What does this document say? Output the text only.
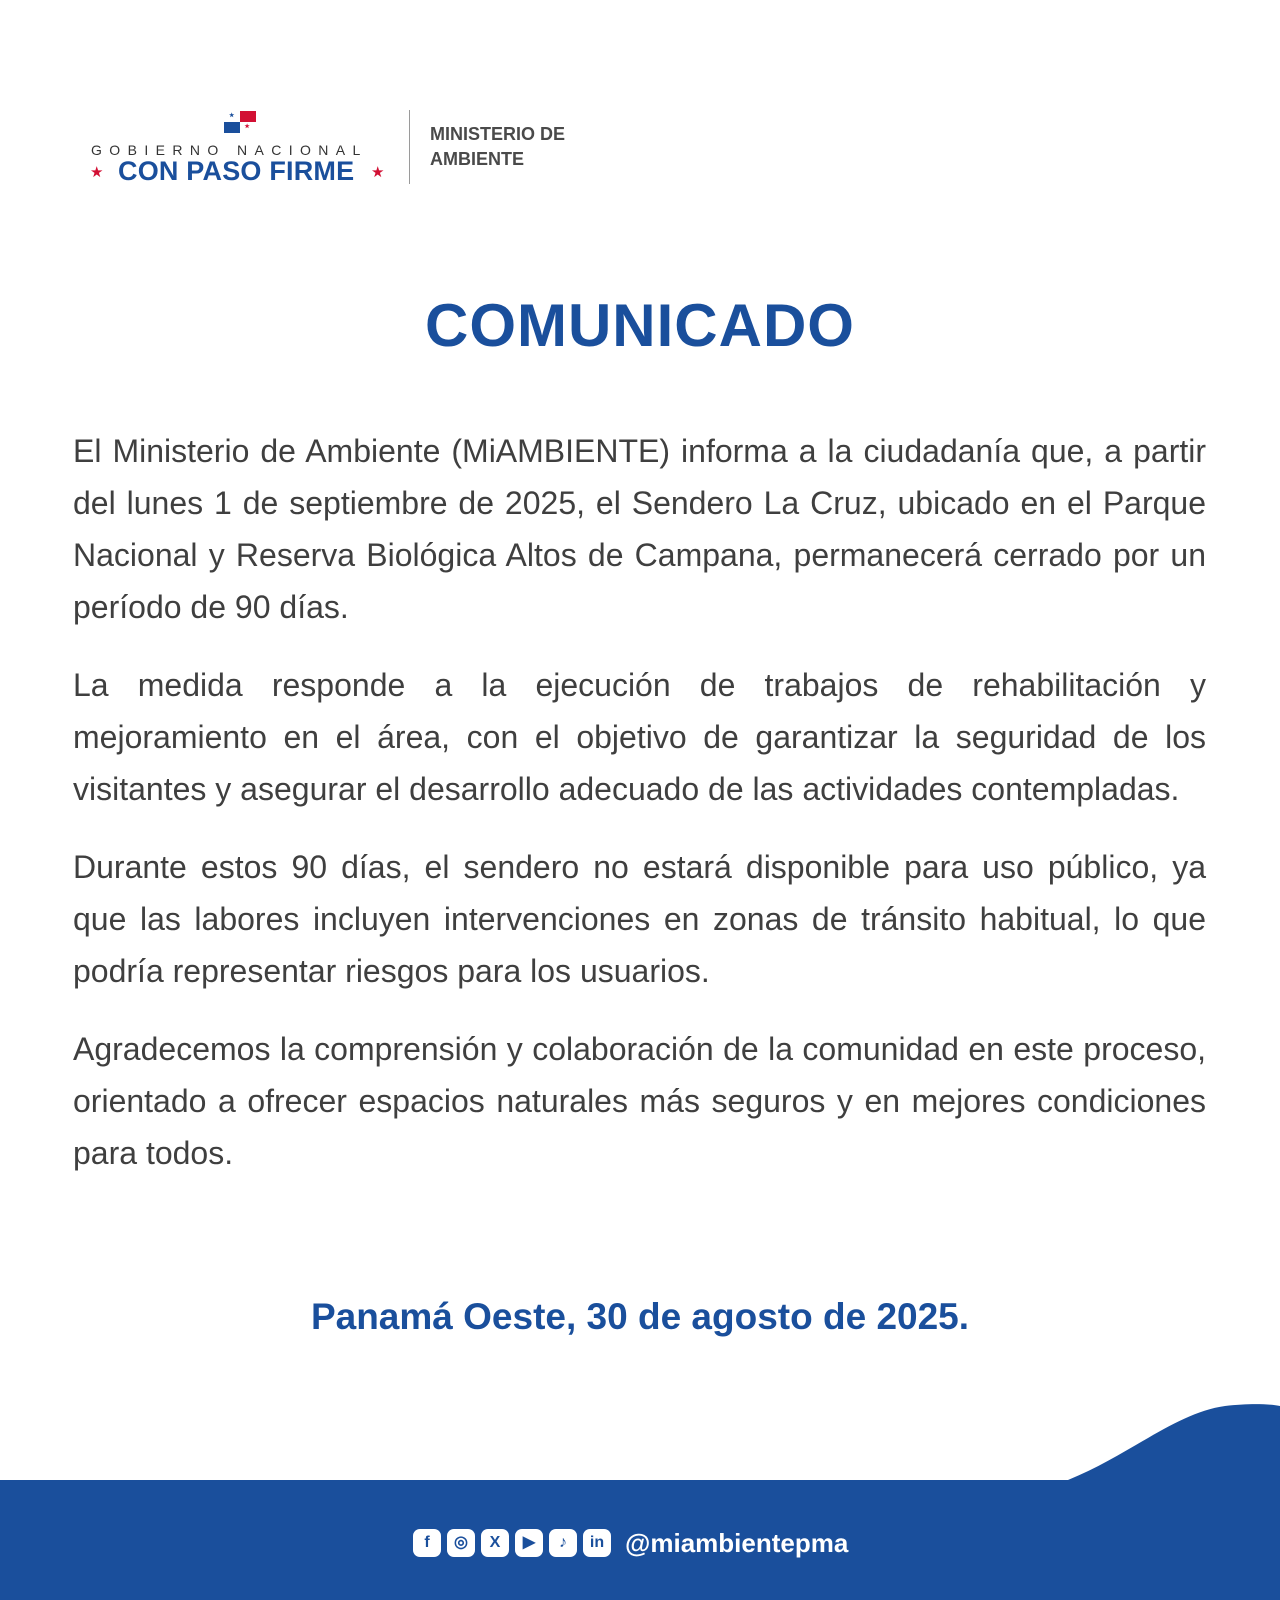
GOBIERNO NACIONAL
★ CON PASO FIRME ★
MINISTERIO DE
AMBIENTE
COMUNICADO

El Ministerio de Ambiente (MiAMBIENTE) informa a la ciudadanía que, a partir del lunes 1 de septiembre de 2025, el Sendero La Cruz, ubicado en el Parque Nacional y Reserva Biológica Altos de Campana, permanecerá cerrado por un período de 90 días.

La medida responde a la ejecución de trabajos de rehabilitación y mejoramiento en el área, con el objetivo de garantizar la seguridad de los visitantes y asegurar el desarrollo adecuado de las actividades contempladas.

Durante estos 90 días, el sendero no estará disponible para uso público, ya que las labores incluyen intervenciones en zonas de tránsito habitual, lo que podría representar riesgos para los usuarios.

Agradecemos la comprensión y colaboración de la comunidad en este proceso, orientado a ofrecer espacios naturales más seguros y en mejores condiciones para todos.

Panamá Oeste, 30 de agosto de 2025.
f	◎	X	▶	♪	in @miambientepma
